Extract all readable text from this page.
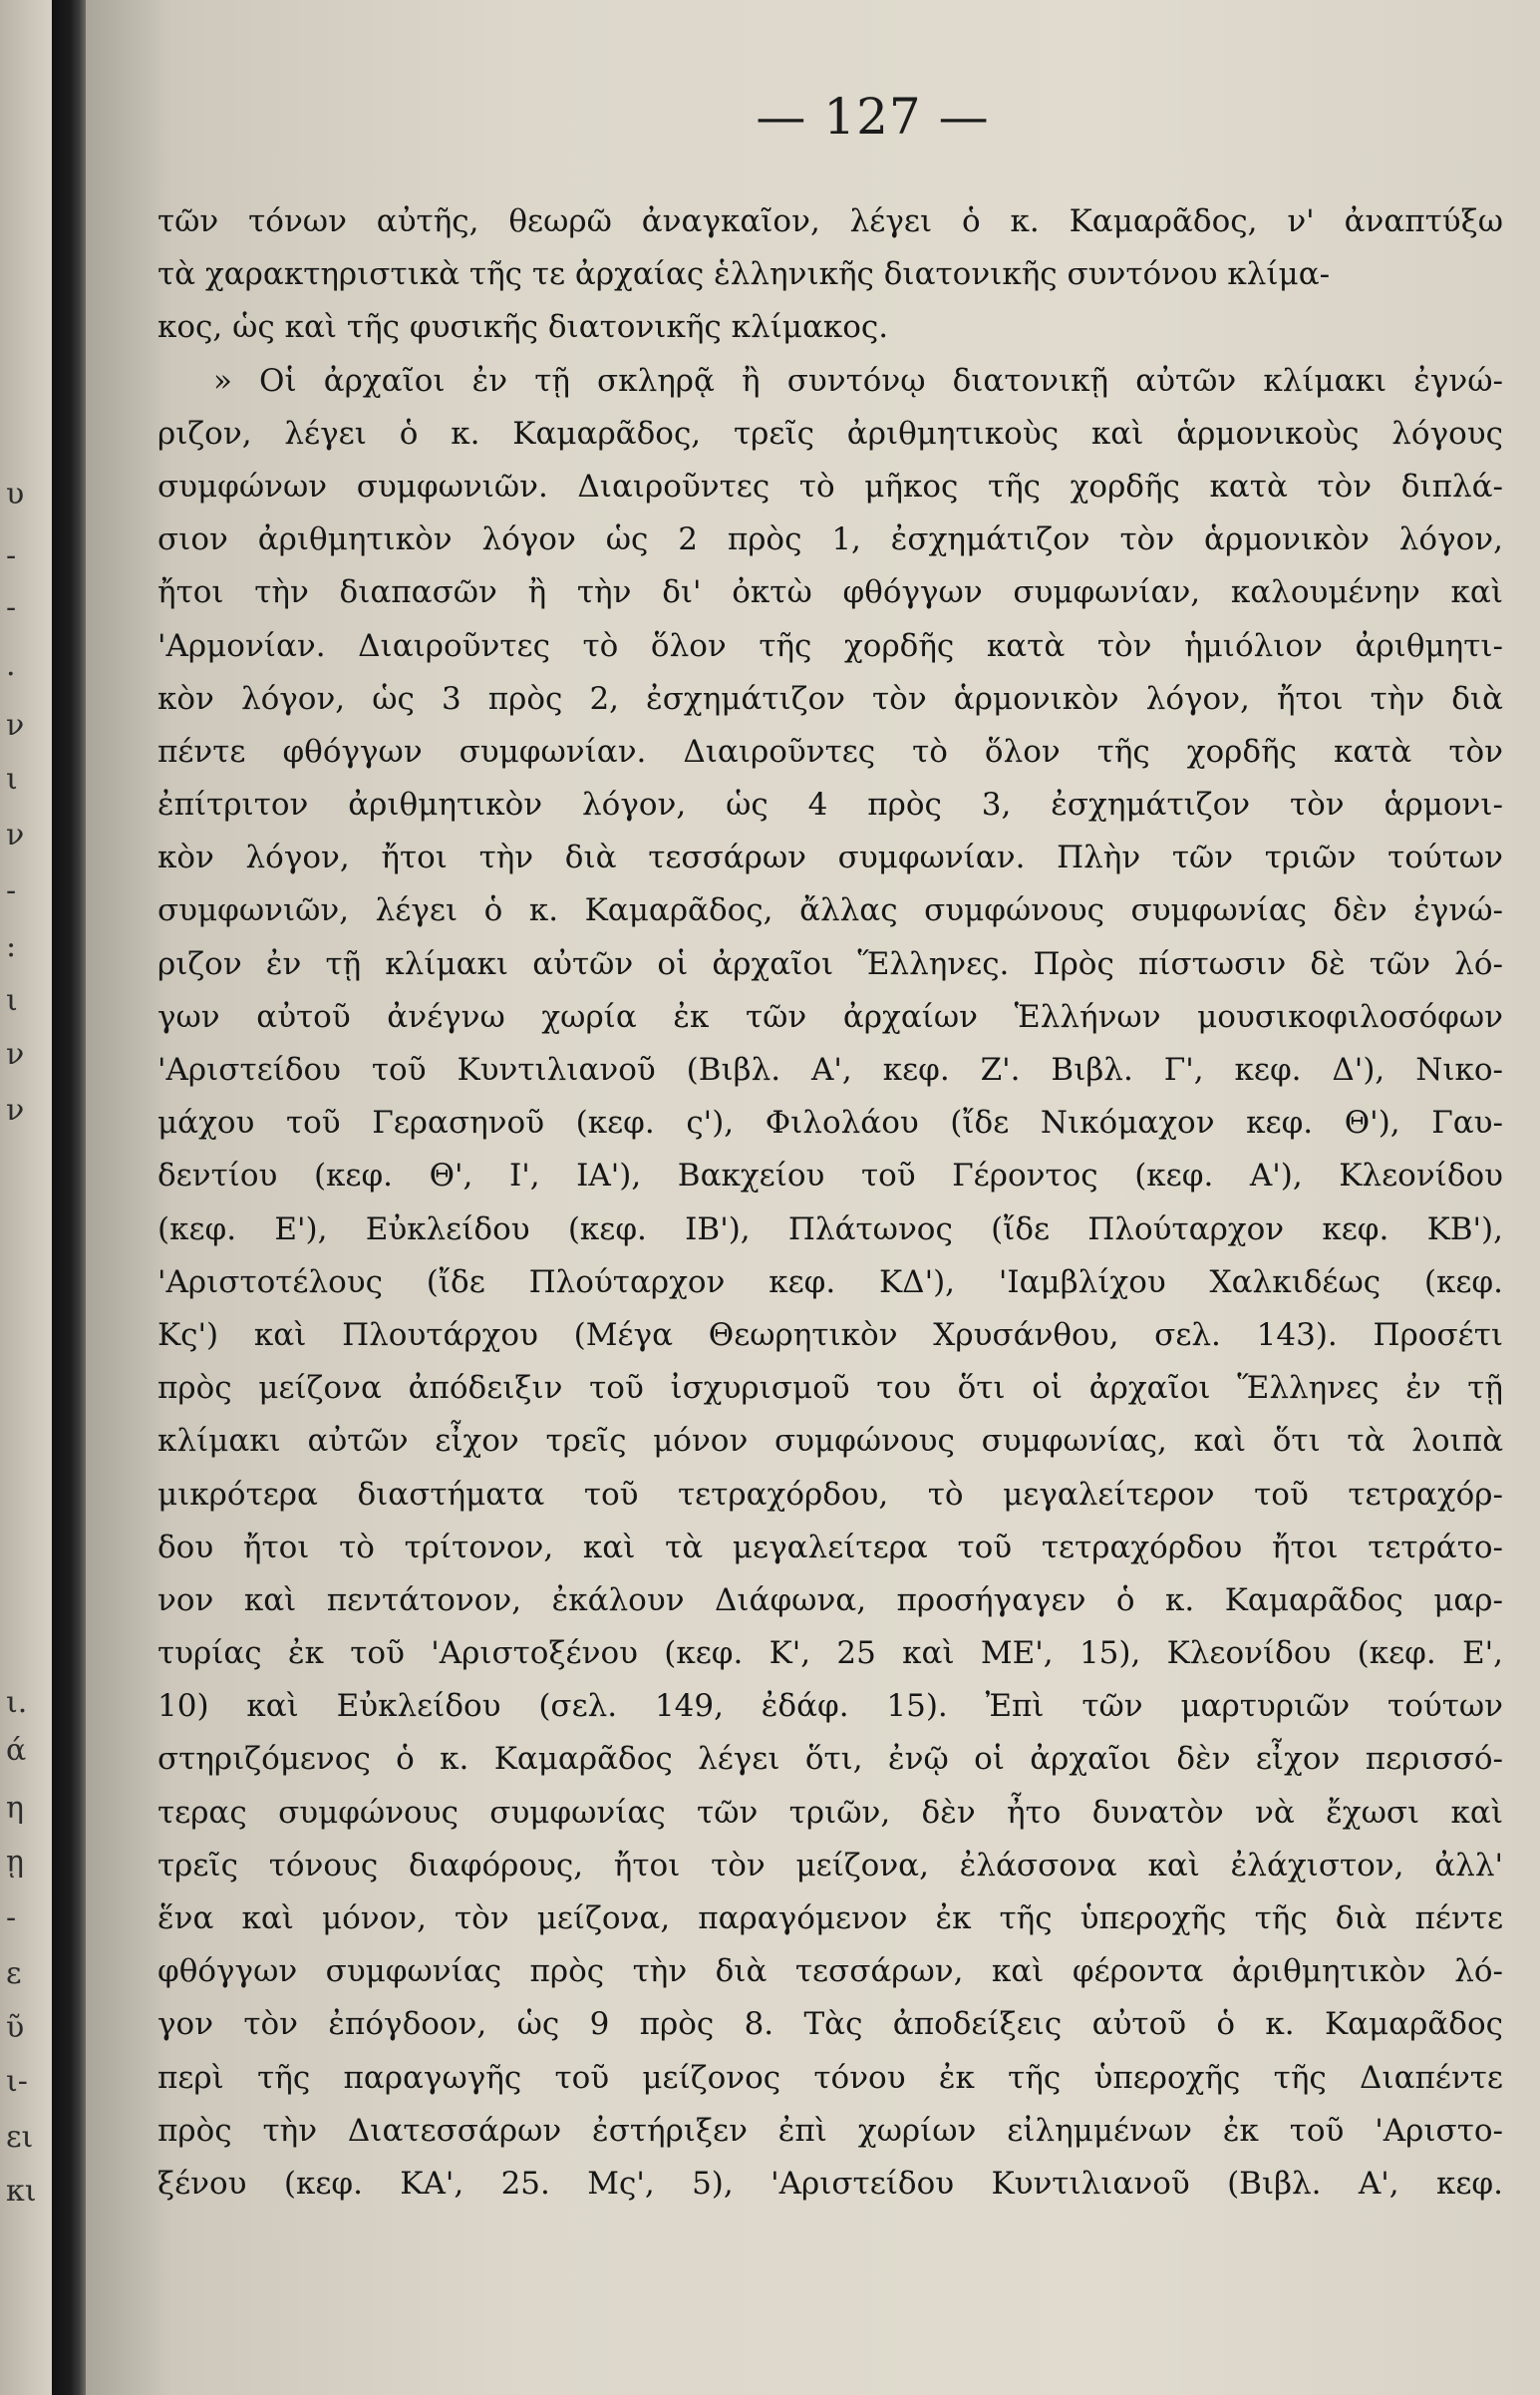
υ
-
-
.
ν
ι
ν
-
:
ι
ν
ν
ι.
ά
η
ῃ
-
ε
ῦ
ι-
ει
κι
— 127 —
τῶν τόνων αὐτῆς, θεωρῶ ἀναγκαῖον, λέγει ὁ κ. Καμαρᾶδος, ν' ἀναπτύξω
τὰ χαρακτηριστικὰ τῆς τε ἀρχαίας ἑλληνικῆς διατονικῆς συντόνου κλίμα-
κος, ὡς καὶ τῆς φυσικῆς διατονικῆς κλίμακος.
» Οἱ ἀρχαῖοι ἐν τῇ σκληρᾷ ἢ συντόνῳ διατονικῇ αὐτῶν κλίμακι ἐγνώ-
ριζον, λέγει ὁ κ. Καμαρᾶδος, τρεῖς ἀριθμητικοὺς καὶ ἁρμονικοὺς λόγους
συμφώνων συμφωνιῶν. Διαιροῦντες τὸ μῆκος τῆς χορδῆς κατὰ τὸν διπλά-
σιον ἀριθμητικὸν λόγον ὡς 2 πρὸς 1, ἐσχημάτιζον τὸν ἁρμονικὸν λόγον,
ἤτοι τὴν διαπασῶν ἢ τὴν δι' ὀκτὼ φθόγγων συμφωνίαν, καλουμένην καὶ
'Αρμονίαν. Διαιροῦντες τὸ ὅλον τῆς χορδῆς κατὰ τὸν ἡμιόλιον ἀριθμητι-
κὸν λόγον, ὡς 3 πρὸς 2, ἐσχημάτιζον τὸν ἁρμονικὸν λόγον, ἤτοι τὴν διὰ
πέντε φθόγγων συμφωνίαν. Διαιροῦντες τὸ ὅλον τῆς χορδῆς κατὰ τὸν
ἐπίτριτον ἀριθμητικὸν λόγον, ὡς 4 πρὸς 3, ἐσχημάτιζον τὸν ἁρμονι-
κὸν λόγον, ἤτοι τὴν διὰ τεσσάρων συμφωνίαν. Πλὴν τῶν τριῶν τούτων
συμφωνιῶν, λέγει ὁ κ. Καμαρᾶδος, ἄλλας συμφώνους συμφωνίας δὲν ἐγνώ-
ριζον ἐν τῇ κλίμακι αὐτῶν οἱ ἀρχαῖοι Ἕλληνες. Πρὸς πίστωσιν δὲ τῶν λό-
γων αὐτοῦ ἀνέγνω χωρία ἐκ τῶν ἀρχαίων Ἑλλήνων μουσικοφιλοσόφων
'Αριστείδου τοῦ Κυντιλιανοῦ (Βιβλ. Α', κεφ. Ζ'. Βιβλ. Γ', κεφ. Δ'), Νικο-
μάχου τοῦ Γερασηνοῦ (κεφ. ς'), Φιλολάου (ἴδε Νικόμαχον κεφ. Θ'), Γαυ-
δεντίου (κεφ. Θ', Ι', ΙΑ'), Βακχείου τοῦ Γέροντος (κεφ. Α'), Κλεονίδου
(κεφ. Ε'), Εὐκλείδου (κεφ. ΙΒ'), Πλάτωνος (ἴδε Πλούταρχον κεφ. ΚΒ'),
'Αριστοτέλους (ἴδε Πλούταρχον κεφ. ΚΔ'), 'Ιαμβλίχου Χαλκιδέως (κεφ.
Κς') καὶ Πλουτάρχου (Μέγα Θεωρητικὸν Χρυσάνθου, σελ. 143). Προσέτι
πρὸς μείζονα ἀπόδειξιν τοῦ ἰσχυρισμοῦ του ὅτι οἱ ἀρχαῖοι Ἕλληνες ἐν τῇ
κλίμακι αὐτῶν εἶχον τρεῖς μόνον συμφώνους συμφωνίας, καὶ ὅτι τὰ λοιπὰ
μικρότερα διαστήματα τοῦ τετραχόρδου, τὸ μεγαλείτερον τοῦ τετραχόρ-
δου ἤτοι τὸ τρίτονον, καὶ τὰ μεγαλείτερα τοῦ τετραχόρδου ἤτοι τετράτο-
νον καὶ πεντάτονον, ἐκάλουν Διάφωνα, προσήγαγεν ὁ κ. Καμαρᾶδος μαρ-
τυρίας ἐκ τοῦ 'Αριστοξένου (κεφ. Κ', 25 καὶ ΜΕ', 15), Κλεονίδου (κεφ. Ε',
10) καὶ Εὐκλείδου (σελ. 149, ἐδάφ. 15). Ἐπὶ τῶν μαρτυριῶν τούτων
στηριζόμενος ὁ κ. Καμαρᾶδος λέγει ὅτι, ἐνῷ οἱ ἀρχαῖοι δὲν εἶχον περισσό-
τερας συμφώνους συμφωνίας τῶν τριῶν, δὲν ἦτο δυνατὸν νὰ ἔχωσι καὶ
τρεῖς τόνους διαφόρους, ἤτοι τὸν μείζονα, ἐλάσσονα καὶ ἐλάχιστον, ἀλλ'
ἕνα καὶ μόνον, τὸν μείζονα, παραγόμενον ἐκ τῆς ὑπεροχῆς τῆς διὰ πέντε
φθόγγων συμφωνίας πρὸς τὴν διὰ τεσσάρων, καὶ φέροντα ἀριθμητικὸν λό-
γον τὸν ἐπόγδοον, ὡς 9 πρὸς 8. Τὰς ἀποδείξεις αὐτοῦ ὁ κ. Καμαρᾶδος
περὶ τῆς παραγωγῆς τοῦ μείζονος τόνου ἐκ τῆς ὑπεροχῆς τῆς Διαπέντε
πρὸς τὴν Διατεσσάρων ἐστήριξεν ἐπὶ χωρίων εἰλημμένων ἐκ τοῦ 'Αριστο-
ξένου (κεφ. ΚΑ', 25. Μς', 5), 'Αριστείδου Κυντιλιανοῦ (Βιβλ. Α', κεφ.
